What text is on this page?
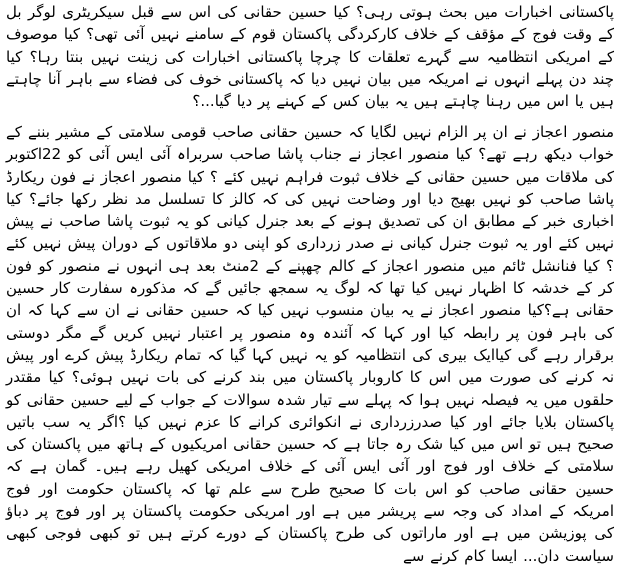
پاکستانی اخبارات میں بحث ہوتی رہی؟ کیا حسین حقانی کی اس سے قبل سیکریٹری لوگر بل کے وقت فوج کے مؤقف کے خلاف کارکردگی پاکستان قوم کے سامنے نہیں آئی تھی؟ کیا موصوف کے امریکی انتظامیہ سے گہرے تعلقات کا چرچا پاکستانی اخبارات کی زینت نہیں بنتا رہا؟ کیا چند دن پہلے انہوں نے امریکہ میں بیان نہیں دیا کہ پاکستانی خوف کی فضاء سے باہر آنا چاہتے ہیں یا اس میں رہنا چاہتے ہیں یہ بیان کس کے کہنے پر دیا گیا...؟

منصور اعجاز نے ان پر الزام نہیں لگایا کہ حسین حقانی صاحب قومی سلامتی کے مشیر بننے کے خواب دیکھ رہے تھے؟ کیا منصور اعجاز نے جناب پاشا صاحب سربراہ آئی ایس آئی کو 22اکتوبر کی ملاقات میں حسین حقانی کے خلاف ثبوت فراہم نہیں کئے ؟ کیا منصور اعجاز نے فون ریکارڈ پاشا صاحب کو نہیں بھیج دیا اور وضاحت نہیں کی کہ کالز کا تسلسل مد نظر رکھا جائے؟ کیا اخباری خبر کے مطابق ان کی تصدیق ہونے کے بعد جنرل کیانی کو یہ ثبوت پاشا صاحب نے پیش نہیں کئے اور یہ ثبوت جنرل کیانی نے صدر زرداری کو اپنی دو ملاقاتوں کے دوران پیش نہیں کئے ؟ کیا فنانشل ٹائم میں منصور اعجاز کے کالم چھپنے کے 2منٹ بعد ہی انہوں نے منصور کو فون کر کے خدشہ کا اظہار نہیں کیا تھا کہ لوگ یہ سمجھ جائیں گے کہ مذکورہ سفارت کار حسین حقانی ہے؟کیا منصور اعجاز نے یہ بیان منسوب نہیں کیا کہ حسین حقانی نے ان سے کہا کہ ان کی باہر فون پر رابطہ کیا اور کہا کہ آئندہ وہ منصور پر اعتبار نہیں کریں گے مگر دوستی برقرار رہے گی کیاایک بیری کی انتظامیہ کو یہ نہیں کہا گیا کہ تمام ریکارڈ پیش کرے اور پیش نہ کرنے کی صورت میں اس کا کاروبار پاکستان میں بند کرنے کی بات نہیں ہوئی؟ کیا مقتدر حلقوں میں یہ فیصلہ نہیں ہوا کہ پہلے سے تیار شدہ سوالات کے جواب کے لیے حسین حقانی کو پاکستان بلایا جائے اور کیا صدرزرداری نے انکوائری کرانے کا عزم نہیں کیا ؟اگر یہ سب باتیں صحیح ہیں تو اس میں کیا شک رہ جاتا ہے کہ حسین حقانی امریکیوں کے ہاتھ میں پاکستان کی سلامتی کے خلاف اور فوج اور آئی ایس آئی کے خلاف امریکی کھیل رہے ہیں۔ گمان ہے کہ حسین حقانی صاحب کو اس بات کا صحیح طرح سے علم تھا کہ پاکستان حکومت اور فوج امریکہ کے امداد کی وجہ سے پریشر میں ہے اور امریکی حکومت پاکستان پر اور فوج پر دباؤ کی پوزیشن میں ہے اور ماراتوں کی طرح پاکستان کے دورے کرتے ہیں تو کبھی فوجی کبھی سیاست دان... ایسا کام کرنے سے
